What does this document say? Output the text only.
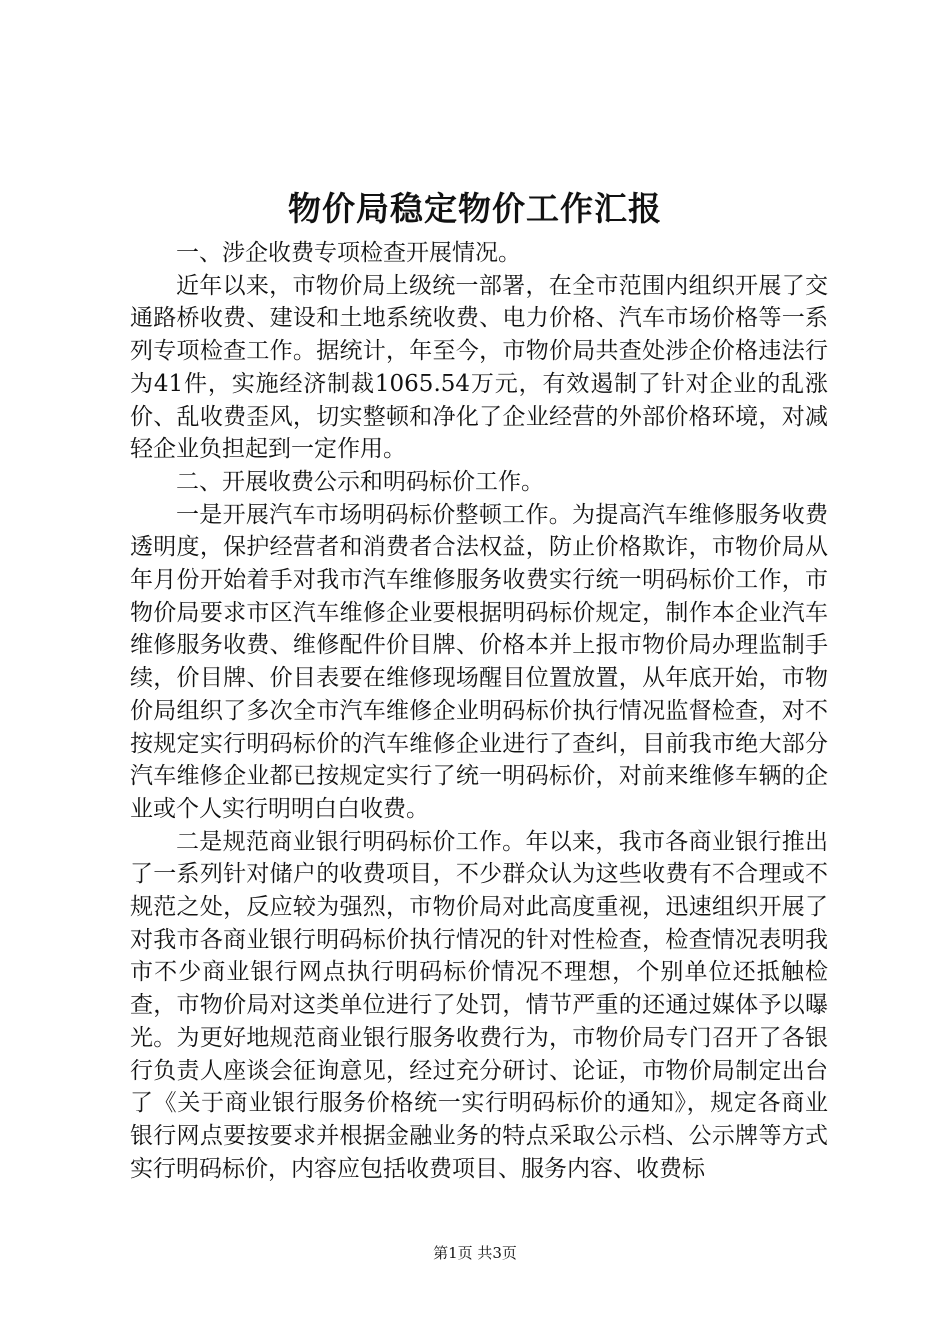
物价局稳定物价工作汇报

一、涉企收费专项检查开展情况。

近年以来，市物价局上级统一部署，在全市范围内组织开展了交通路桥收费、建设和土地系统收费、电力价格、汽车市场价格等一系列专项检查工作。据统计，年至今，市物价局共查处涉企价格违法行为41件，实施经济制裁1065.54万元，有效遏制了针对企业的乱涨价、乱收费歪风，切实整顿和净化了企业经营的外部价格环境，对减轻企业负担起到一定作用。

二、开展收费公示和明码标价工作。

一是开展汽车市场明码标价整顿工作。为提高汽车维修服务收费透明度，保护经营者和消费者合法权益，防止价格欺诈，市物价局从年月份开始着手对我市汽车维修服务收费实行统一明码标价工作，市物价局要求市区汽车维修企业要根据明码标价规定，制作本企业汽车维修服务收费、维修配件价目牌、价格本并上报市物价局办理监制手续，价目牌、价目表要在维修现场醒目位置放置，从年底开始，市物价局组织了多次全市汽车维修企业明码标价执行情况监督检查，对不按规定实行明码标价的汽车维修企业进行了查纠，目前我市绝大部分汽车维修企业都已按规定实行了统一明码标价，对前来维修车辆的企业或个人实行明明白白收费。

二是规范商业银行明码标价工作。年以来，我市各商业银行推出了一系列针对储户的收费项目，不少群众认为这些收费有不合理或不规范之处，反应较为强烈，市物价局对此高度重视，迅速组织开展了对我市各商业银行明码标价执行情况的针对性检查，检查情况表明我市不少商业银行网点执行明码标价情况不理想，个别单位还抵触检查，市物价局对这类单位进行了处罚，情节严重的还通过媒体予以曝光。为更好地规范商业银行服务收费行为，市物价局专门召开了各银行负责人座谈会征询意见，经过充分研讨、论证，市物价局制定出台了《关于商业银行服务价格统一实行明码标价的通知》，规定各商业银行网点要按要求并根据金融业务的特点采取公示档、公示牌等方式实行明码标价，内容应包括收费项目、服务内容、收费标

第1页 共3页
